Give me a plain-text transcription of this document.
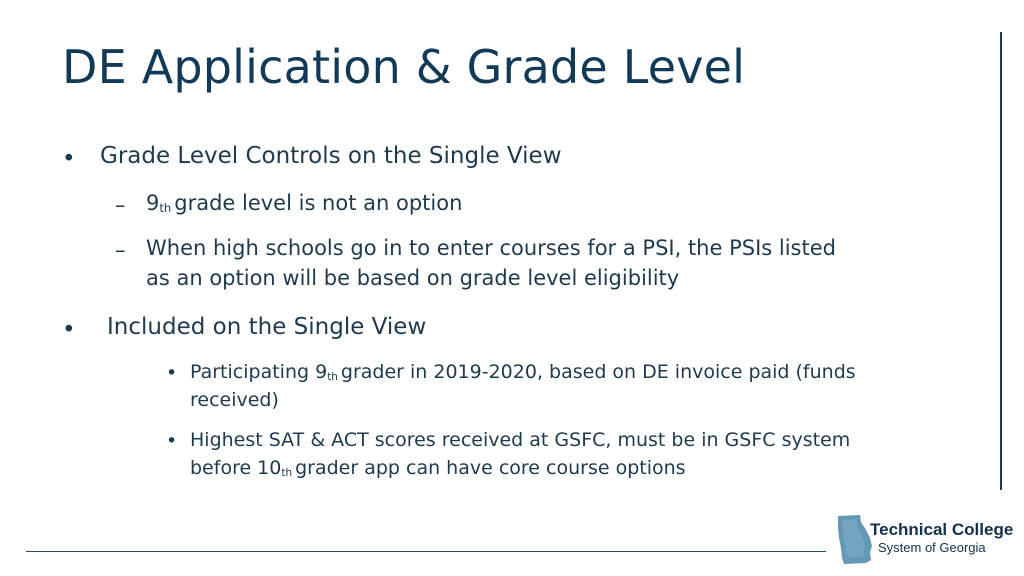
DE Application & Grade Level
• Grade Level Controls on the Single View
– 9th grade level is not an option
– When high schools go in to enter courses for a PSI, the PSIs listed
as an option will be based on grade level eligibility
• Included on the Single View
• Participating 9th grader in 2019-2020, based on DE invoice paid (funds
received)
• Highest SAT & ACT scores received at GSFC, must be in GSFC system
before 10th grader app can have core course options
Technical College
System of Georgia
